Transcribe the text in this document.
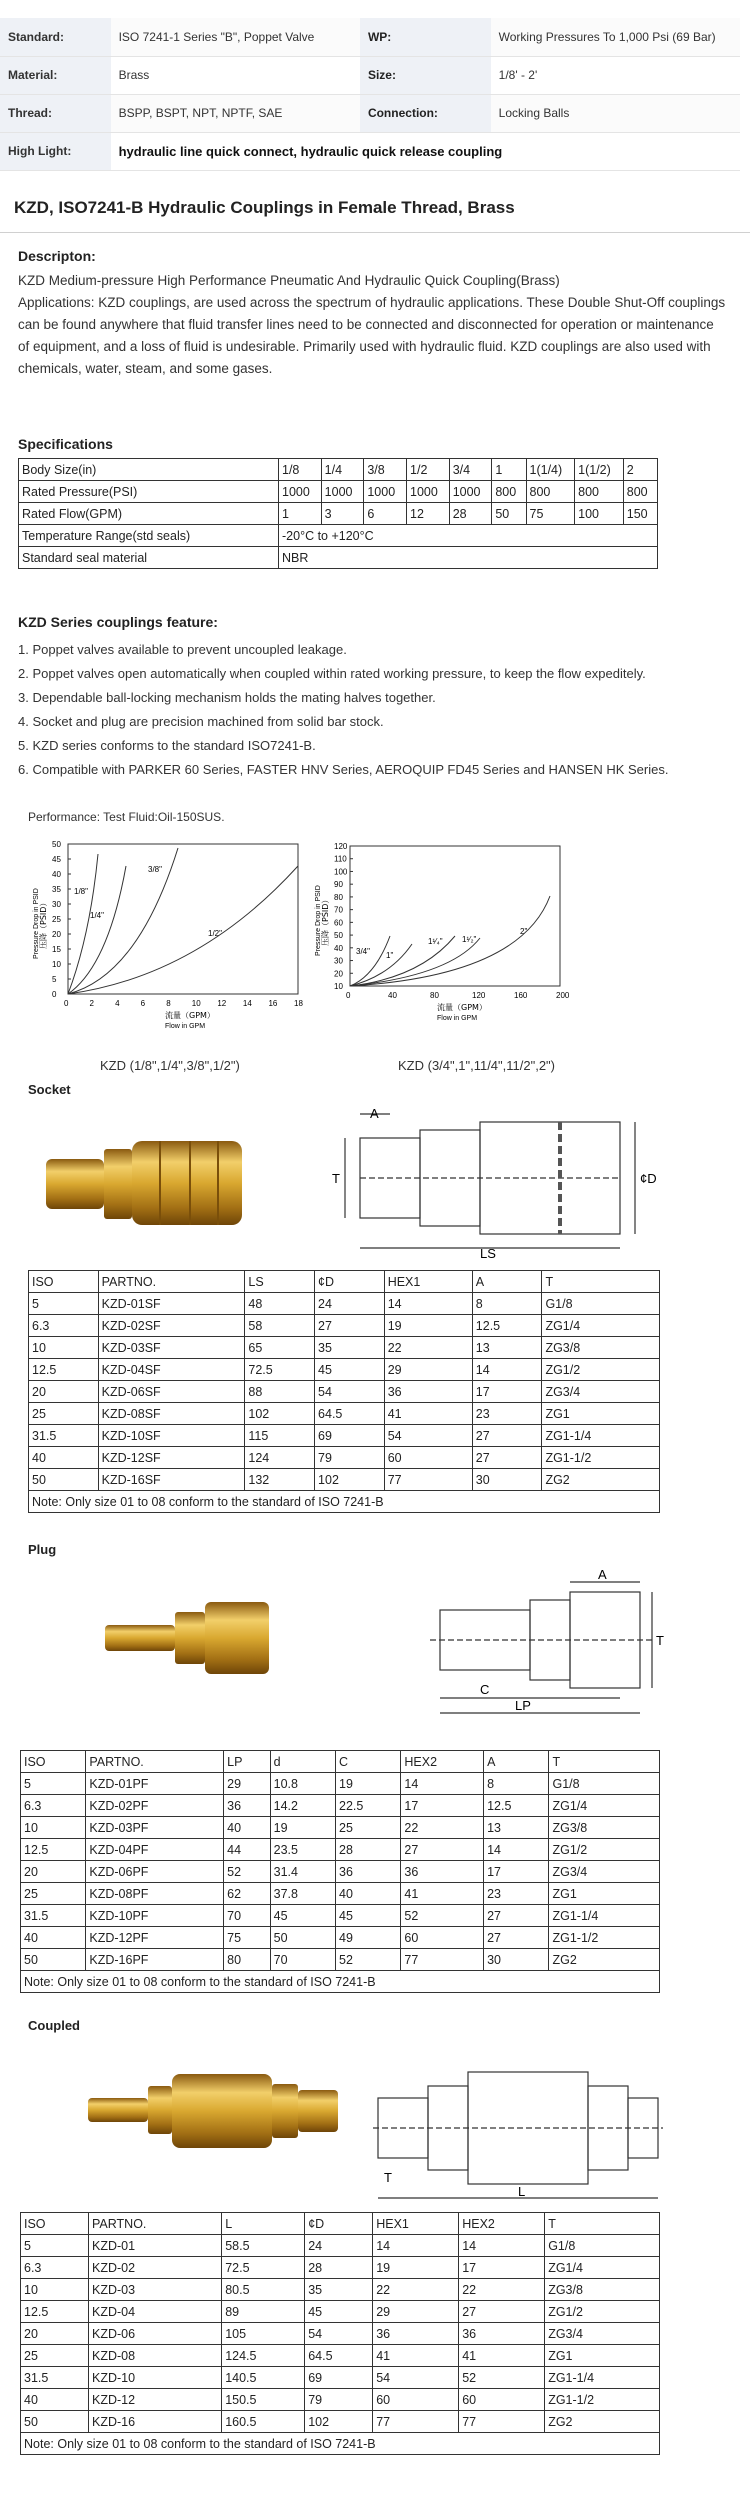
Standard:	ISO 7241-1 Series "B", Poppet Valve	WP:	Working Pressures To 1,000 Psi (69 Bar)
Material:	Brass	Size:	1/8' - 2'
Thread:	BSPP, BSPT, NPT, NPTF, SAE	Connection:	Locking Balls
High Light:	hydraulic line quick connect, hydraulic quick release coupling		
KZD, ISO7241-B Hydraulic Couplings in Female Thread, Brass
Descripton:
KZD Medium-pressure High Performance Pneumatic And Hydraulic Quick Coupling(Brass)
Applications: KZD couplings, are used across the spectrum of hydraulic applications. These Double Shut-Off couplings can be found anywhere that fluid transfer lines need to be connected and disconnected for operation or maintenance of equipment, and a loss of fluid is undesirable. Primarily used with hydraulic fluid. KZD couplings are also used with chemicals, water, steam, and some gases.
Specifications
Body Size(in)	1/8	1/4	3/8	1/2	3/4	1	1(1/4)	1(1/2)	2
Rated Pressure(PSI)	1000	1000	1000	1000	1000	800	800	800	800
Rated Flow(GPM)	1	3	6	12	28	50	75	100	150
Temperature Range(std seals)	-20°C to +120°C								
Standard seal material	NBR								
KZD Series couplings feature:
1. Poppet valves available to prevent uncoupled leakage.
2. Poppet valves open automatically when coupled within rated working pressure, to keep the flow expeditely.
3. Dependable ball-locking mechanism holds the mating halves together.
4. Socket and plug are precision machined from solid bar stock.
5. KZD series conforms to the standard ISO7241-B.
6. Compatible with PARKER 60 Series, FASTER HNV Series, AEROQUIP FD45 Series and HANSEN HK Series.
Performance: Test Fluid:Oil-150SUS.
0	2	4	6	8	10 12 14 16 18
0
5
10
15
20
25
30
35
40
45
50
流量（GPM）
Flow in GPM
压降（PSID）
Pressure Drop in PSID	1/8"
1/4"
3/8"
1/2"
0	40	80	120	160	200
10
20
30
40
50
60
70
80
90
100
110
120
流量（GPM）
Flow in GPM
压降（PSID）
Pressure Drop in PSID	3/4" 1"
1¹⁄₄" 1¹⁄₂"
2"
KZD (1/8",1/4",3/8",1/2")	KZD (3/4",1",11/4",11/2",2")
Socket
A
T
LS
¢D
ISO	PARTNO.	LS	¢D	HEX1	A	T
5	KZD-01SF	48	24	14	8	G1/8
6.3	KZD-02SF	58	27	19	12.5	ZG1/4
10	KZD-03SF	65	35	22	13	ZG3/8
12.5	KZD-04SF	72.5	45	29	14	ZG1/2
20	KZD-06SF	88	54	36	17	ZG3/4
25	KZD-08SF	102	64.5	41	23	ZG1
31.5	KZD-10SF	115	69	54	27	ZG1-1/4
40	KZD-12SF	124	79	60	27	ZG1-1/2
50	KZD-16SF	132	102	77	30	ZG2
Note: Only size 01 to 08 conform to the standard of ISO 7241-B						
Plug
A
T
C
LP
ISO	PARTNO.	LP	d	C	HEX2	A	T
5	KZD-01PF	29	10.8	19	14	8	G1/8
6.3	KZD-02PF	36	14.2	22.5	17	12.5	ZG1/4
10	KZD-03PF	40	19	25	22	13	ZG3/8
12.5	KZD-04PF	44	23.5	28	27	14	ZG1/2
20	KZD-06PF	52	31.4	36	36	17	ZG3/4
25	KZD-08PF	62	37.8	40	41	23	ZG1
31.5	KZD-10PF	70	45	45	52	27	ZG1-1/4
40	KZD-12PF	75	50	49	60	27	ZG1-1/2
50	KZD-16PF	80	70	52	77	30	ZG2
Note: Only size 01 to 08 conform to the standard of ISO 7241-B							
Coupled
T
L
ISO	PARTNO.	L	¢D	HEX1	HEX2	T
5	KZD-01	58.5	24	14	14	G1/8
6.3	KZD-02	72.5	28	19	17	ZG1/4
10	KZD-03	80.5	35	22	22	ZG3/8
12.5	KZD-04	89	45	29	27	ZG1/2
20	KZD-06	105	54	36	36	ZG3/4
25	KZD-08	124.5	64.5	41	41	ZG1
31.5	KZD-10	140.5	69	54	52	ZG1-1/4
40	KZD-12	150.5	79	60	60	ZG1-1/2
50	KZD-16	160.5	102	77	77	ZG2
Note: Only size 01 to 08 conform to the standard of ISO 7241-B						
